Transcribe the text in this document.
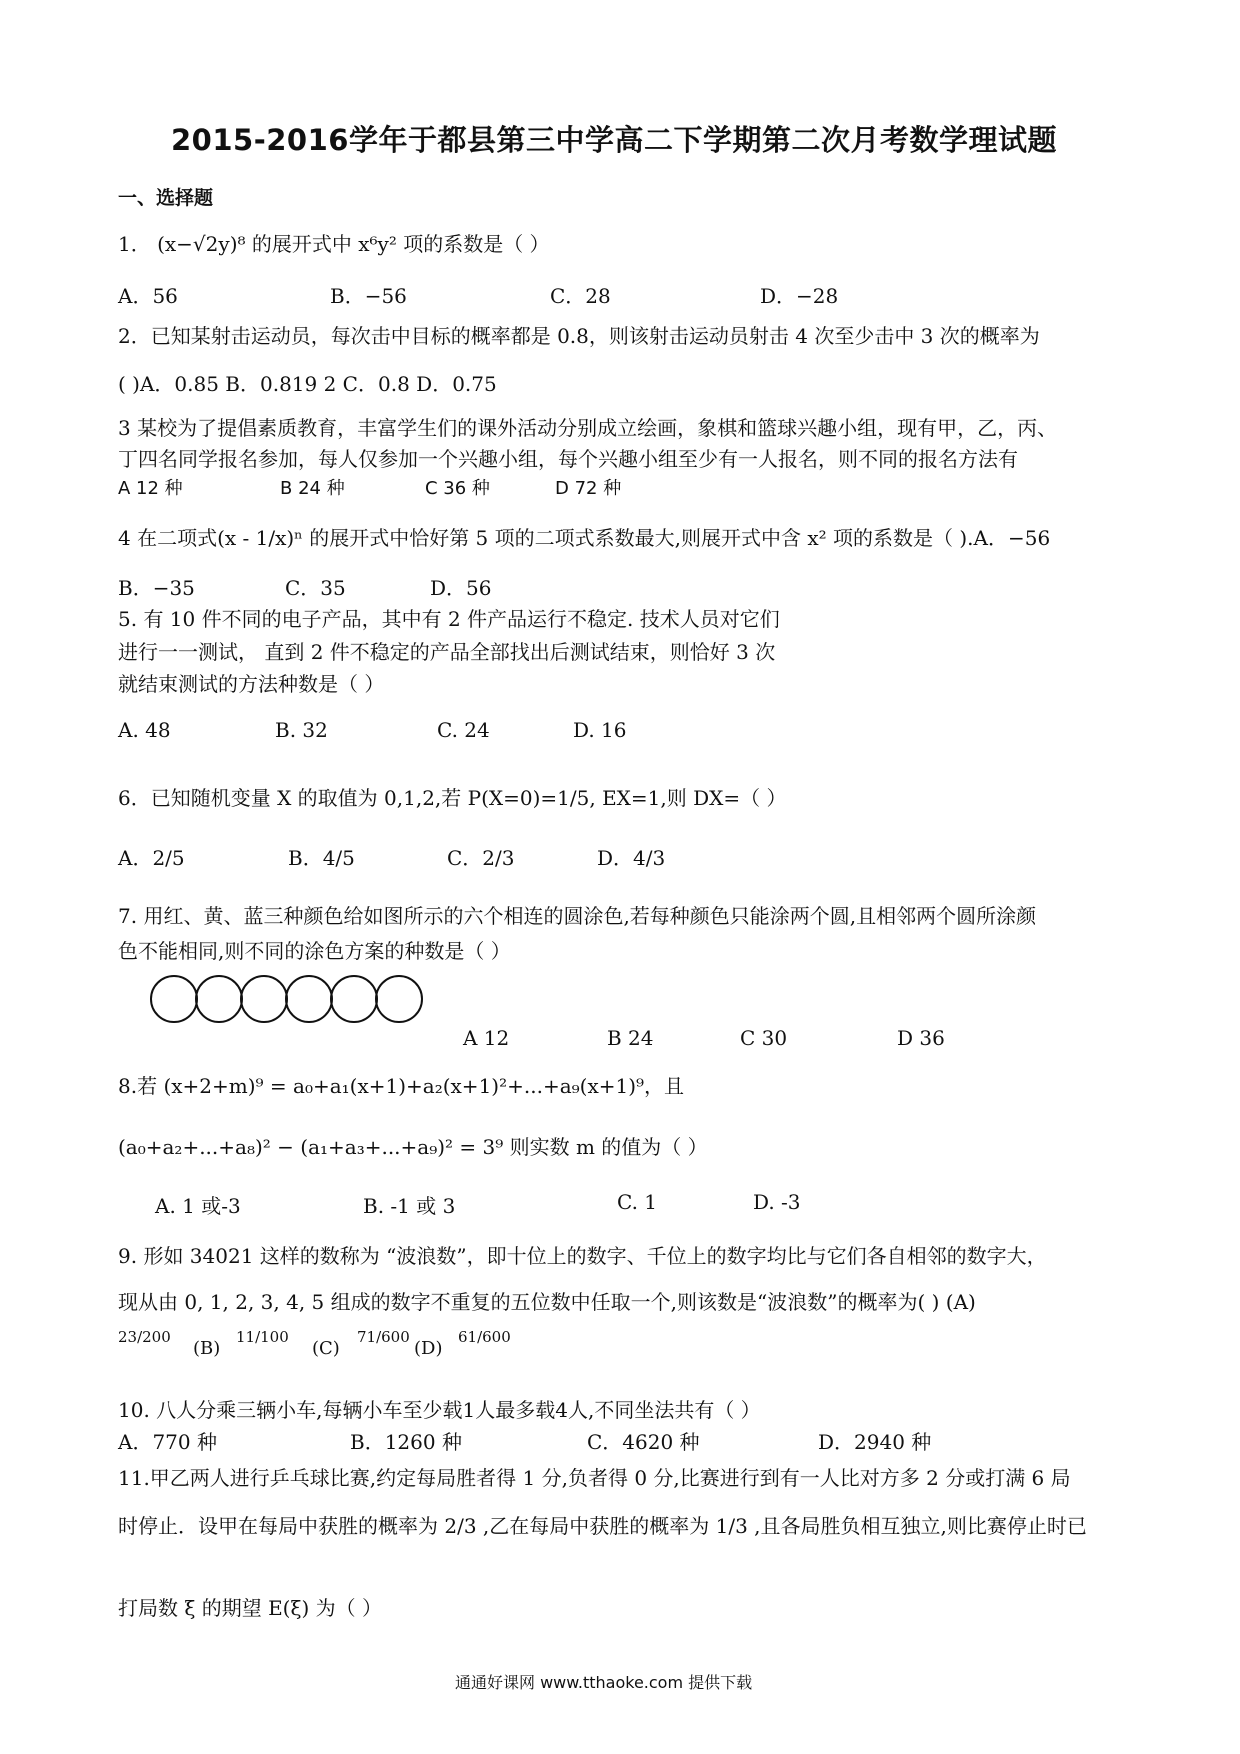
2015-2016学年于都县第三中学高二下学期第二次月考数学理试题
一、选择题
1． (x−√2y)⁸ 的展开式中 x⁶y² 项的系数是（ ）
A．56	B．−56	C．28	D．−28
2．已知某射击运动员，每次击中目标的概率都是 0.8，则该射击运动员射击 4 次至少击中 3 次的概率为
( )A．0.85 B．0.819 2 C．0.8 D．0.75
3 某校为了提倡素质教育，丰富学生们的课外活动分别成立绘画，象棋和篮球兴趣小组，现有甲，乙，丙、
丁四名同学报名参加，每人仅参加一个兴趣小组，每个兴趣小组至少有一人报名，则不同的报名方法有
A 12 种	B 24 种	C 36 种	D 72 种
4 在二项式(x - 1/x)ⁿ 的展开式中恰好第 5 项的二项式系数最大,则展开式中含 x² 项的系数是（ ).A．−56
B．−35	C．35	D．56
5. 有 10 件不同的电子产品，其中有 2 件产品运行不稳定. 技术人员对它们
进行一一测试， 直到 2 件不稳定的产品全部找出后测试结束，则恰好 3 次
就结束测试的方法种数是（ ）
A. 48	B. 32	C. 24	D. 16
6．已知随机变量 X 的取值为 0,1,2,若 P(X=0)=1/5, EX=1,则 DX=（ ）
A．2/5	B．4/5	C．2/3	D．4/3
7. 用红、黄、蓝三种颜色给如图所示的六个相连的圆涂色,若每种颜色只能涂两个圆,且相邻两个圆所涂颜
色不能相同,则不同的涂色方案的种数是（ ）
A 12	B 24	C 30	D 36
8.若 (x+2+m)⁹ = a₀+a₁(x+1)+a₂(x+1)²+...+a₉(x+1)⁹，且
(a₀+a₂+...+a₈)² − (a₁+a₃+...+a₉)² = 3⁹ 则实数 m 的值为（ ）
A. 1 或-3	B. -1 或 3	C. 1	D. -3
9. 形如 34021 这样的数称为 “波浪数”，即十位上的数字、千位上的数字均比与它们各自相邻的数字大，
现从由 0, 1, 2, 3, 4, 5 组成的数字不重复的五位数中任取一个,则该数是“波浪数”的概率为( ) (A)
23/200
(B)
11/100
(C)
71/600
(D)
61/600
10. 八人分乘三辆小车,每辆小车至少载1人最多载4人,不同坐法共有（ ）
A．770 种	B．1260 种	C．4620 种	D．2940 种
11.甲乙两人进行乒乓球比赛,约定每局胜者得 1 分,负者得 0 分,比赛进行到有一人比对方多 2 分或打满 6 局
时停止．设甲在每局中获胜的概率为 2/3 ,乙在每局中获胜的概率为 1/3 ,且各局胜负相互独立,则比赛停止时已
打局数 ξ 的期望 E(ξ) 为（ ）
通通好课网 www.tthaoke.com 提供下载
